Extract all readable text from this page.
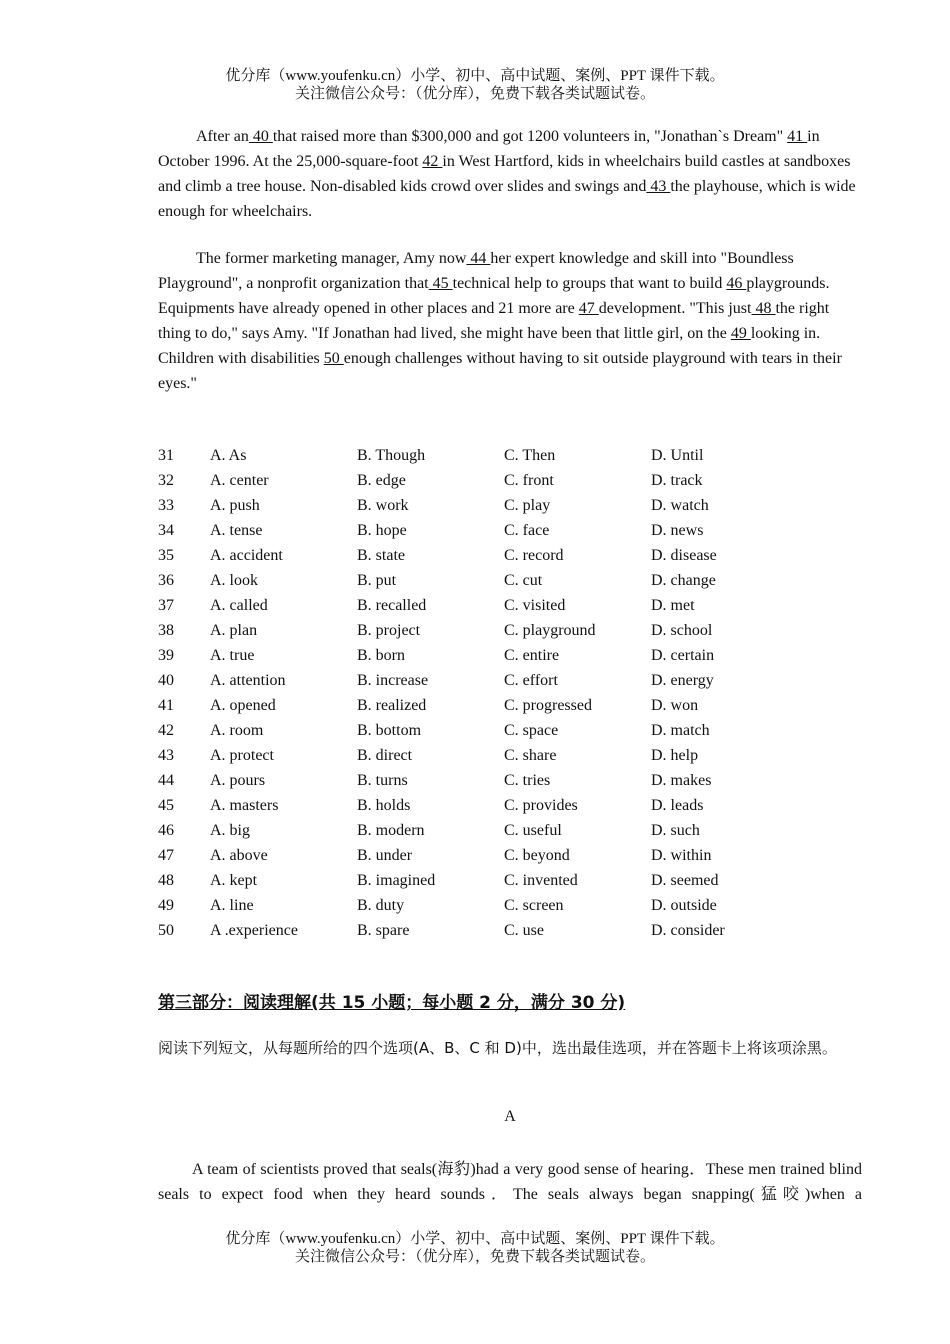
优分库（www.youfenku.cn）小学、初中、高中试题、案例、PPT 课件下载。
关注微信公众号：（优分库），免费下载各类试题试卷。

After an 40 that raised more than $300,000 and got 1200 volunteers in, "Jonathan`s Dream" 41 in October 1996. At the 25,000-square-foot 42 in West Hartford, kids in wheelchairs build castles at sandboxes and climb a tree house. Non-disabled kids crowd over slides and swings and 43 the playhouse, which is wide enough for wheelchairs.

The former marketing manager, Amy now 44 her expert knowledge and skill into "Boundless Playground", a nonprofit organization that 45 technical help to groups that want to build 46 playgrounds. Equipments have already opened in other places and 21 more are 47 development. "This just 48 the right thing to do," says Amy. "If Jonathan had lived, she might have been that little girl, on the 49 looking in. Children with disabilities 50 enough challenges without having to sit outside playground with tears in their eyes."

31	A. As	B. Though	C. Then	D. Until
32	A. center	B. edge	C. front	D. track
33	A. push	B. work	C. play	D. watch
34	A. tense	B. hope	C. face	D. news
35	A. accident	B. state	C. record	D. disease
36	A. look	B. put	C. cut	D. change
37	A. called	B. recalled	C. visited	D. met
38	A. plan	B. project	C. playground	D. school
39	A. true	B. born	C. entire	D. certain
40	A. attention	B. increase	C. effort	D. energy
41	A. opened	B. realized	C. progressed	D. won
42	A. room	B. bottom	C. space	D. match
43	A. protect	B. direct	C. share	D. help
44	A. pours	B. turns	C. tries	D. makes
45	A. masters	B. holds	C. provides	D. leads
46	A. big	B. modern	C. useful	D. such
47	A. above	B. under	C. beyond	D. within
48	A. kept	B. imagined	C. invented	D. seemed
49	A. line	B. duty	C. screen	D. outside
50	A .experience	B. spare	C. use	D. consider
第三部分：阅读理解(共 15 小题；每小题 2 分，满分 30 分)
阅读下列短文，从每题所给的四个选项(A、B、C 和 D)中，选出最佳选项，并在答题卡上将该项涂黑。
A
A team of scientists proved that seals(海豹)had a very good sense of hearing．These men trained blind seals to expect food when they heard sounds．The seals always began snapping(猛咬)when a
优分库（www.youfenku.cn）小学、初中、高中试题、案例、PPT 课件下载。
关注微信公众号：（优分库），免费下载各类试题试卷。
